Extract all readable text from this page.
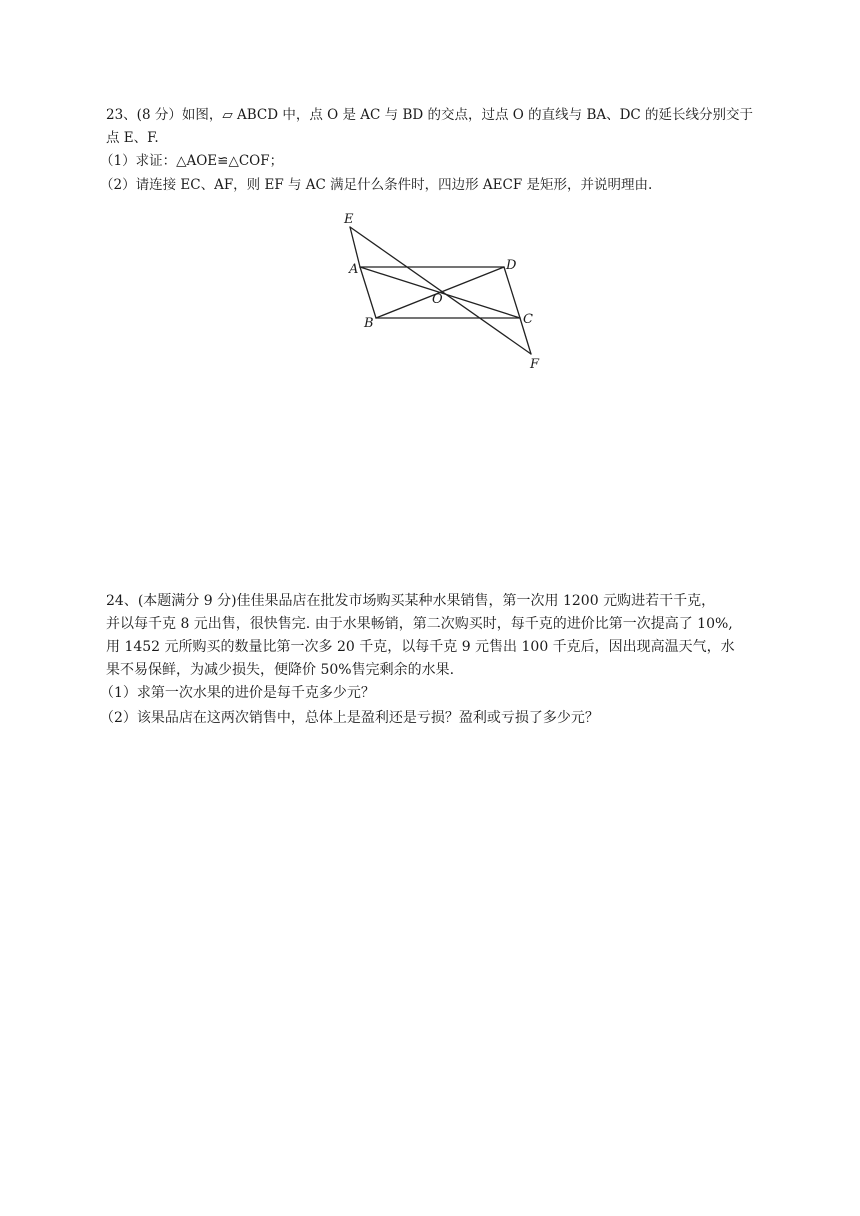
23、(8 分）如图，▱ ABCD 中，点 O 是 AC 与 BD 的交点，过点 O 的直线与 BA、DC 的延长线分别交于
点 E、F.
（1）求证：△AOE≌△COF；
（2）请连接 EC、AF，则 EF 与 AC 满足什么条件时，四边形 AECF 是矩形，并说明理由.
E
A	D
O
B	C
F
24、(本题满分 9 分)佳佳果品店在批发市场购买某种水果销售，第一次用 1200 元购进若干千克，
并以每千克 8 元出售，很快售完. 由于水果畅销，第二次购买时，每千克的进价比第一次提高了 10%,
用 1452 元所购买的数量比第一次多 20 千克，以每千克 9 元售出 100 千克后，因出现高温天气，水
果不易保鲜，为减少损失，便降价 50%售完剩余的水果.
（1）求第一次水果的进价是每千克多少元？
（2）该果品店在这两次销售中，总体上是盈利还是亏损？盈利或亏损了多少元？
